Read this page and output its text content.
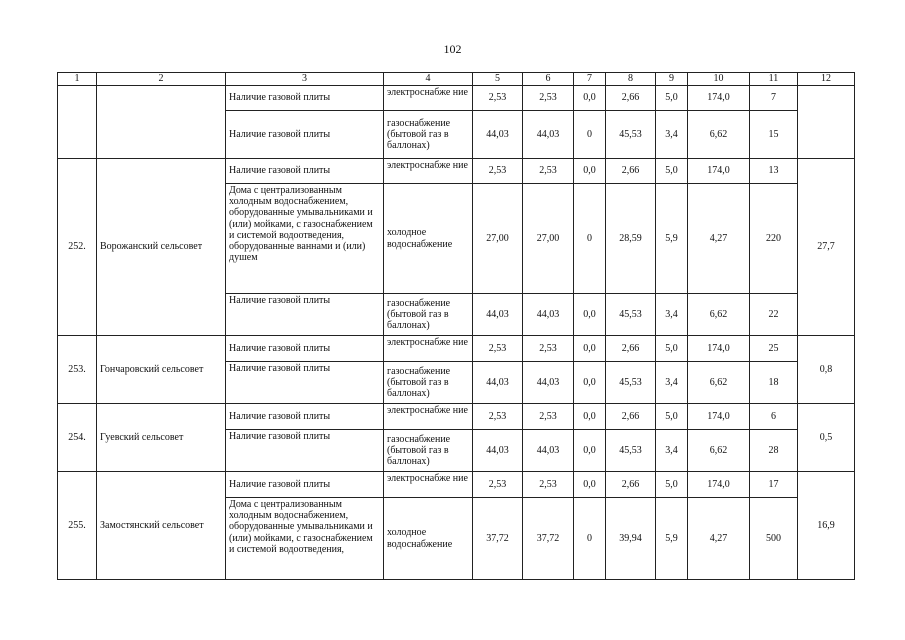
102
1	2	3	4	5	6	7	8	9	10	11	12
		Наличие газовой плиты	электроснабже ние	2,53	2,53	0,0	2,66	5,0	174,0	7	
		Наличие газовой плиты	газоснабжение (бытовой газ в баллонах)	44,03	44,03	0	45,53	3,4	6,62	15	
252.	Ворожанский сельсовет	Наличие газовой плиты	электроснабже ние	2,53	2,53	0,0	2,66	5,0	174,0	13	27,7
		Дома с централизованным холодным водоснабжением, оборудованные умывальниками и (или) мойками, с газоснабжением и системой водоотведения, оборудованные ваннами и (или) душем	холодное водоснабжение	27,00	27,00	0	28,59	5,9	4,27	220	
		Наличие газовой плиты	газоснабжение (бытовой газ в баллонах)	44,03	44,03	0,0	45,53	3,4	6,62	22	
253.	Гончаровский сельсовет	Наличие газовой плиты	электроснабже ние	2,53	2,53	0,0	2,66	5,0	174,0	25	0,8
		Наличие газовой плиты	газоснабжение (бытовой газ в баллонах)	44,03	44,03	0,0	45,53	3,4	6,62	18	
254.	Гуевский сельсовет	Наличие газовой плиты	электроснабже ние	2,53	2,53	0,0	2,66	5,0	174,0	6	0,5
		Наличие газовой плиты	газоснабжение (бытовой газ в баллонах)	44,03	44,03	0,0	45,53	3,4	6,62	28	
255.	Замостянский сельсовет	Наличие газовой плиты	электроснабже ние	2,53	2,53	0,0	2,66	5,0	174,0	17	16,9
		Дома с централизованным холодным водоснабжением, оборудованные умывальниками и (или) мойками, с газоснабжением и системой водоотведения,	холодное водоснабжение	37,72	37,72	0	39,94	5,9	4,27	500	
